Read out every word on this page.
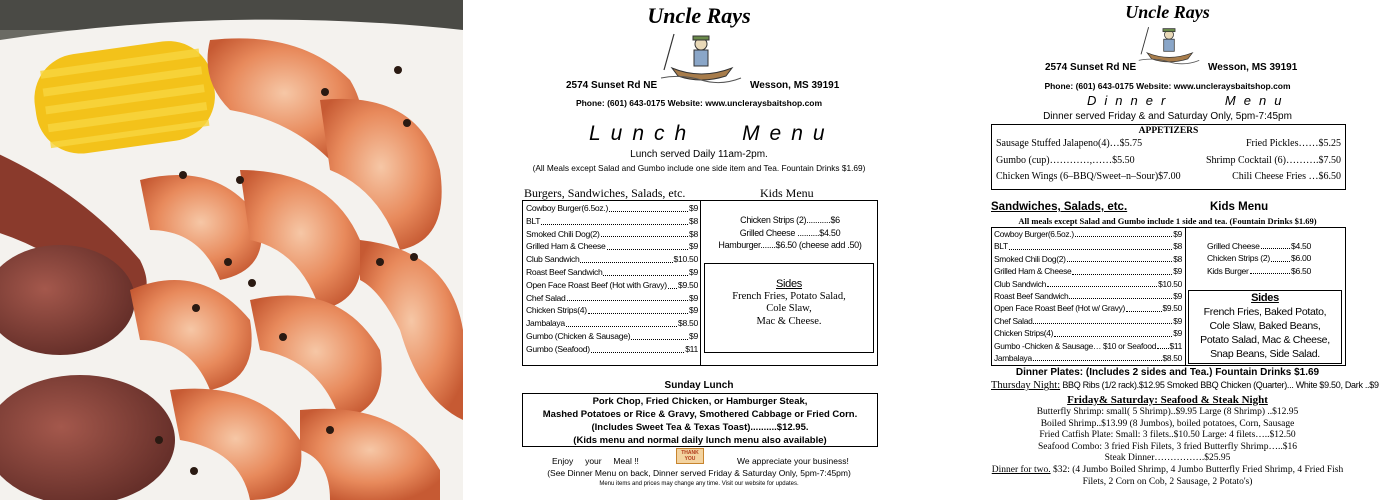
Uncle Rays
2574 Sunset Rd NE	Wesson, MS 39191
Phone: (601) 643-0175 Website: www.uncleraysbaitshop.com
Lunch Menu
Lunch served Daily 11am-2pm.
(All Meals except Salad and Gumbo include one side item and Tea. Fountain Drinks $1.69)
Burgers, Sandwiches, Salads, etc.	Kids Menu
Cowboy Burger(6.5oz.)	$9
BLT	$8
Smoked Chili Dog(2)	$8
Grilled Ham & Cheese	$9
Club Sandwich	$10.50
Roast Beef Sandwich	$9
Open Face Roast Beef (Hot with Gravy) $9.50
Chef Salad	$9
Chicken Strips(4)	$9
Jambalaya	$8.50
Gumbo (Chicken & Sausage)	$9
Gumbo (Seafood)	$11
Chicken Strips (2)...........$6
Grilled Cheese ..........$4.50
Hamburger.......$6.50 (cheese add .50)
Sides
French Fries, Potato Salad,
Cole Slaw,
Mac & Cheese.
Sunday Lunch
Pork Chop, Fried Chicken, or Hamburger Steak,
Mashed Potatoes or Rice & Gravy, Smothered Cabbage or Fried Corn.
(Includes Sweet Tea & Texas Toast)..........$12.95.
(Kids menu and normal daily lunch menu also available)
Enjoy     your     Meal !!
THANK YOU	We appreciate your business!
(See Dinner Menu on back, Dinner served Friday & Saturday Only, 5pm-7:45pm)
Menu items and prices may change any time. Visit our website for updates.
Uncle Rays
2574 Sunset Rd NE	Wesson, MS 39191
Phone: (601) 643-0175 Website: www.uncleraysbaitshop.com
Dinner	Menu
Dinner served Friday & and Saturday Only, 5pm-7:45pm
APPETIZERS
Sausage Stuffed Jalapeno(4)…$5.75	Fried Pickles……$5.25
Gumbo (cup)…………,……$5.50	Shrimp Cocktail (6)……….$7.50
Chicken Wings (6–BBQ/Sweet–n–Sour)$7.00	Chili Cheese Fries …$6.50
Sandwiches, Salads, etc.	Kids Menu
All meals except Salad and Gumbo include 1 side and tea. (Fountain Drinks $1.69)
Cowboy Burger(6.5oz.)	$9
BLT	$8
Smoked Chili Dog(2)	$8
Grilled Ham & Cheese	$9
Club Sandwich	$10.50
Roast Beef Sandwich	$9
Open Face Roast Beef (Hot w/ Gravy)	$9.50
Chef Salad	$9
Chicken Strips(4)	$9
Gumbo -Chicken & Sausage… $10 or Seafood $11
Jambalaya	$8.50
Grilled Cheese	$4.50
Chicken Strips (2) $6.00
Kids Burger	$6.50
Sides
French Fries, Baked Potato,
Cole Slaw, Baked Beans,
Potato Salad, Mac & Cheese,
Snap Beans, Side Salad.
Dinner Plates: (Includes 2 sides and Tea.) Fountain Drinks $1.69
Thursday Night: BBQ Ribs (1/2 rack).$12.95 Smoked BBQ Chicken (Quarter)... White $9.50, Dark ..$9
Friday& Saturday: Seafood & Steak Night
Butterfly Shrimp: small( 5 Shrimp)..$9.95 Large (8 Shrimp) ..$12.95
Boiled Shrimp..$13.99 (8 Jumbos), boiled potatoes, Corn, Sausage
Fried Catfish Plate: Small: 3 filets..$10.50 Large: 4 filets…..$12.50
Seafood Combo: 3 fried Fish Filets, 3 fried Butterfly Shrimp…..$16
Steak Dinner…………….$25.95
Dinner for two. $32: (4 Jumbo Boiled Shrimp, 4 Jumbo Butterfly Fried Shrimp, 4 Fried Fish
Filets, 2 Corn on Cob, 2 Sausage, 2 Potato's)
